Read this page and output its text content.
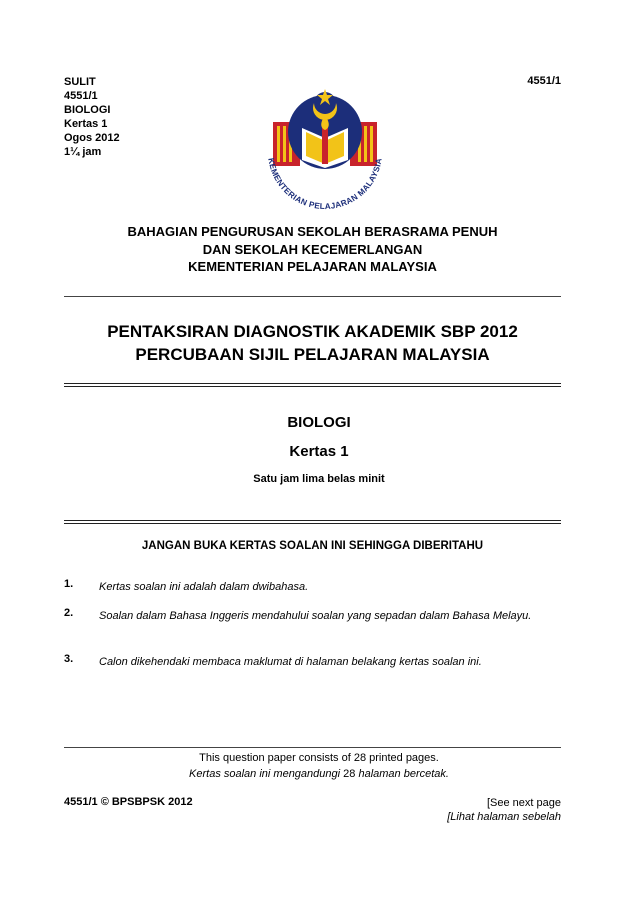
SULIT
4551/1
BIOLOGI
Kertas 1
Ogos 2012
1¼ jam
4551/1
KEMENTERIAN PELAJARAN MALAYSIA
BAHAGIAN PENGURUSAN SEKOLAH BERASRAMA PENUH
DAN SEKOLAH KECEMERLANGAN
KEMENTERIAN PELAJARAN MALAYSIA
PENTAKSIRAN DIAGNOSTIK AKADEMIK SBP 2012
PERCUBAAN SIJIL PELAJARAN MALAYSIA
BIOLOGI
Kertas 1
Satu jam lima belas minit
JANGAN BUKA KERTAS SOALAN INI SEHINGGA DIBERITAHU
1. Kertas soalan ini adalah dalam dwibahasa.
2. Soalan dalam Bahasa Inggeris mendahului soalan yang sepadan dalam Bahasa Melayu.
3. Calon dikehendaki membaca maklumat di halaman belakang kertas soalan ini.
This question paper consists of 28 printed pages.
Kertas soalan ini mengandungi 28 halaman bercetak.
4551/1 © BPSBPSK 2012	[See next page
[Lihat halaman sebelah
